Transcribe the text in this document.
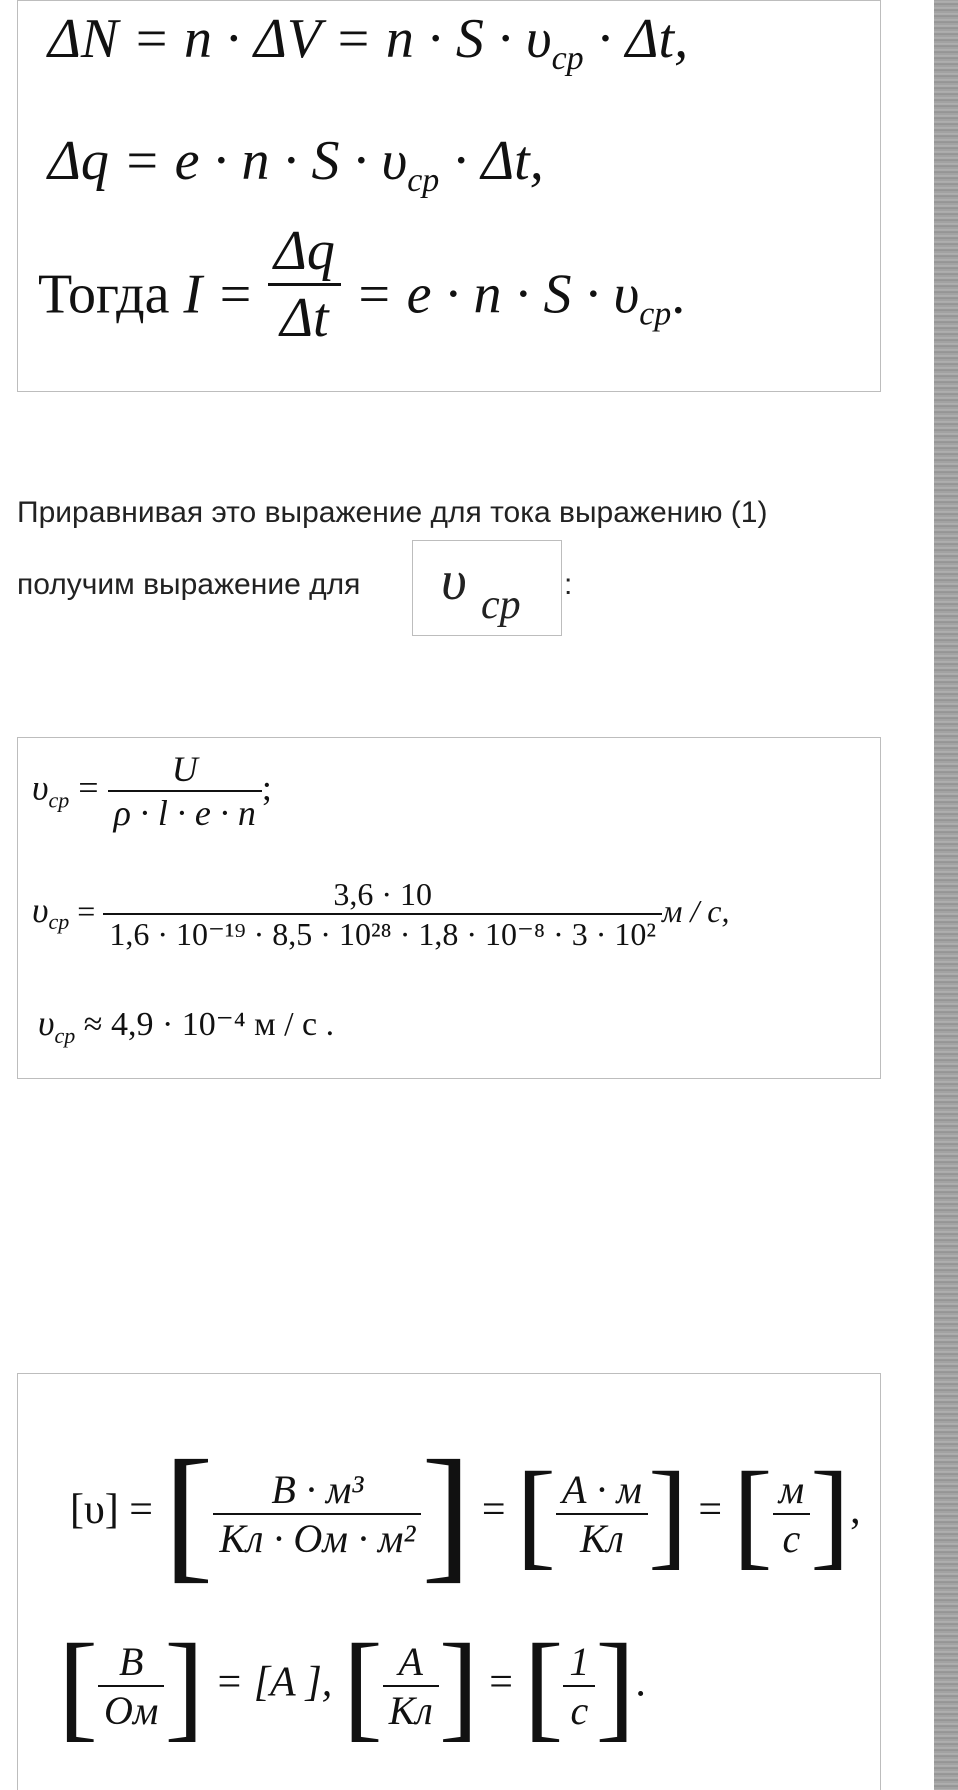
$\Delta N = n \cdot \Delta V = n \cdot S \cdot \upsilon_{cp} \cdot \Delta t$,
$\Delta q = e \cdot n \cdot S \cdot \upsilon_{cp} \cdot \Delta t$,
Тогда $I = \frac{\Delta q}{\Delta t} = e \cdot n \cdot S \cdot \upsilon_{cp}$.
Приравнивая это выражение для тока выражению (1)
получим выражение для υ cp :
$\upsilon_{cp} = \frac{U}{\rho \cdot l \cdot e \cdot n}$ ;
$\upsilon_{cp} = \frac{3,6 \cdot 10}{\text{1,6 · 10⁻¹⁹ · 8,5 · 10²⁸ · 1,8 · 10⁻⁸ · 3 · 10²}}$ м / с,
$\upsilon_{cp} \approx 4,9 \cdot 10^{-4}$ м / с .
[υ] = [ $\frac{\text{В · м³}}{\text{Кл · Ом · м²}}$ ] = [ $\frac{А \cdot м}{Кл}$ ] = [ $\frac{м}{с}$ ],
[ $\frac{В}{Ом}$ ] = [A ], [ $\frac{А}{Кл}$ ] = [ $\frac{1}{с}$ ].
